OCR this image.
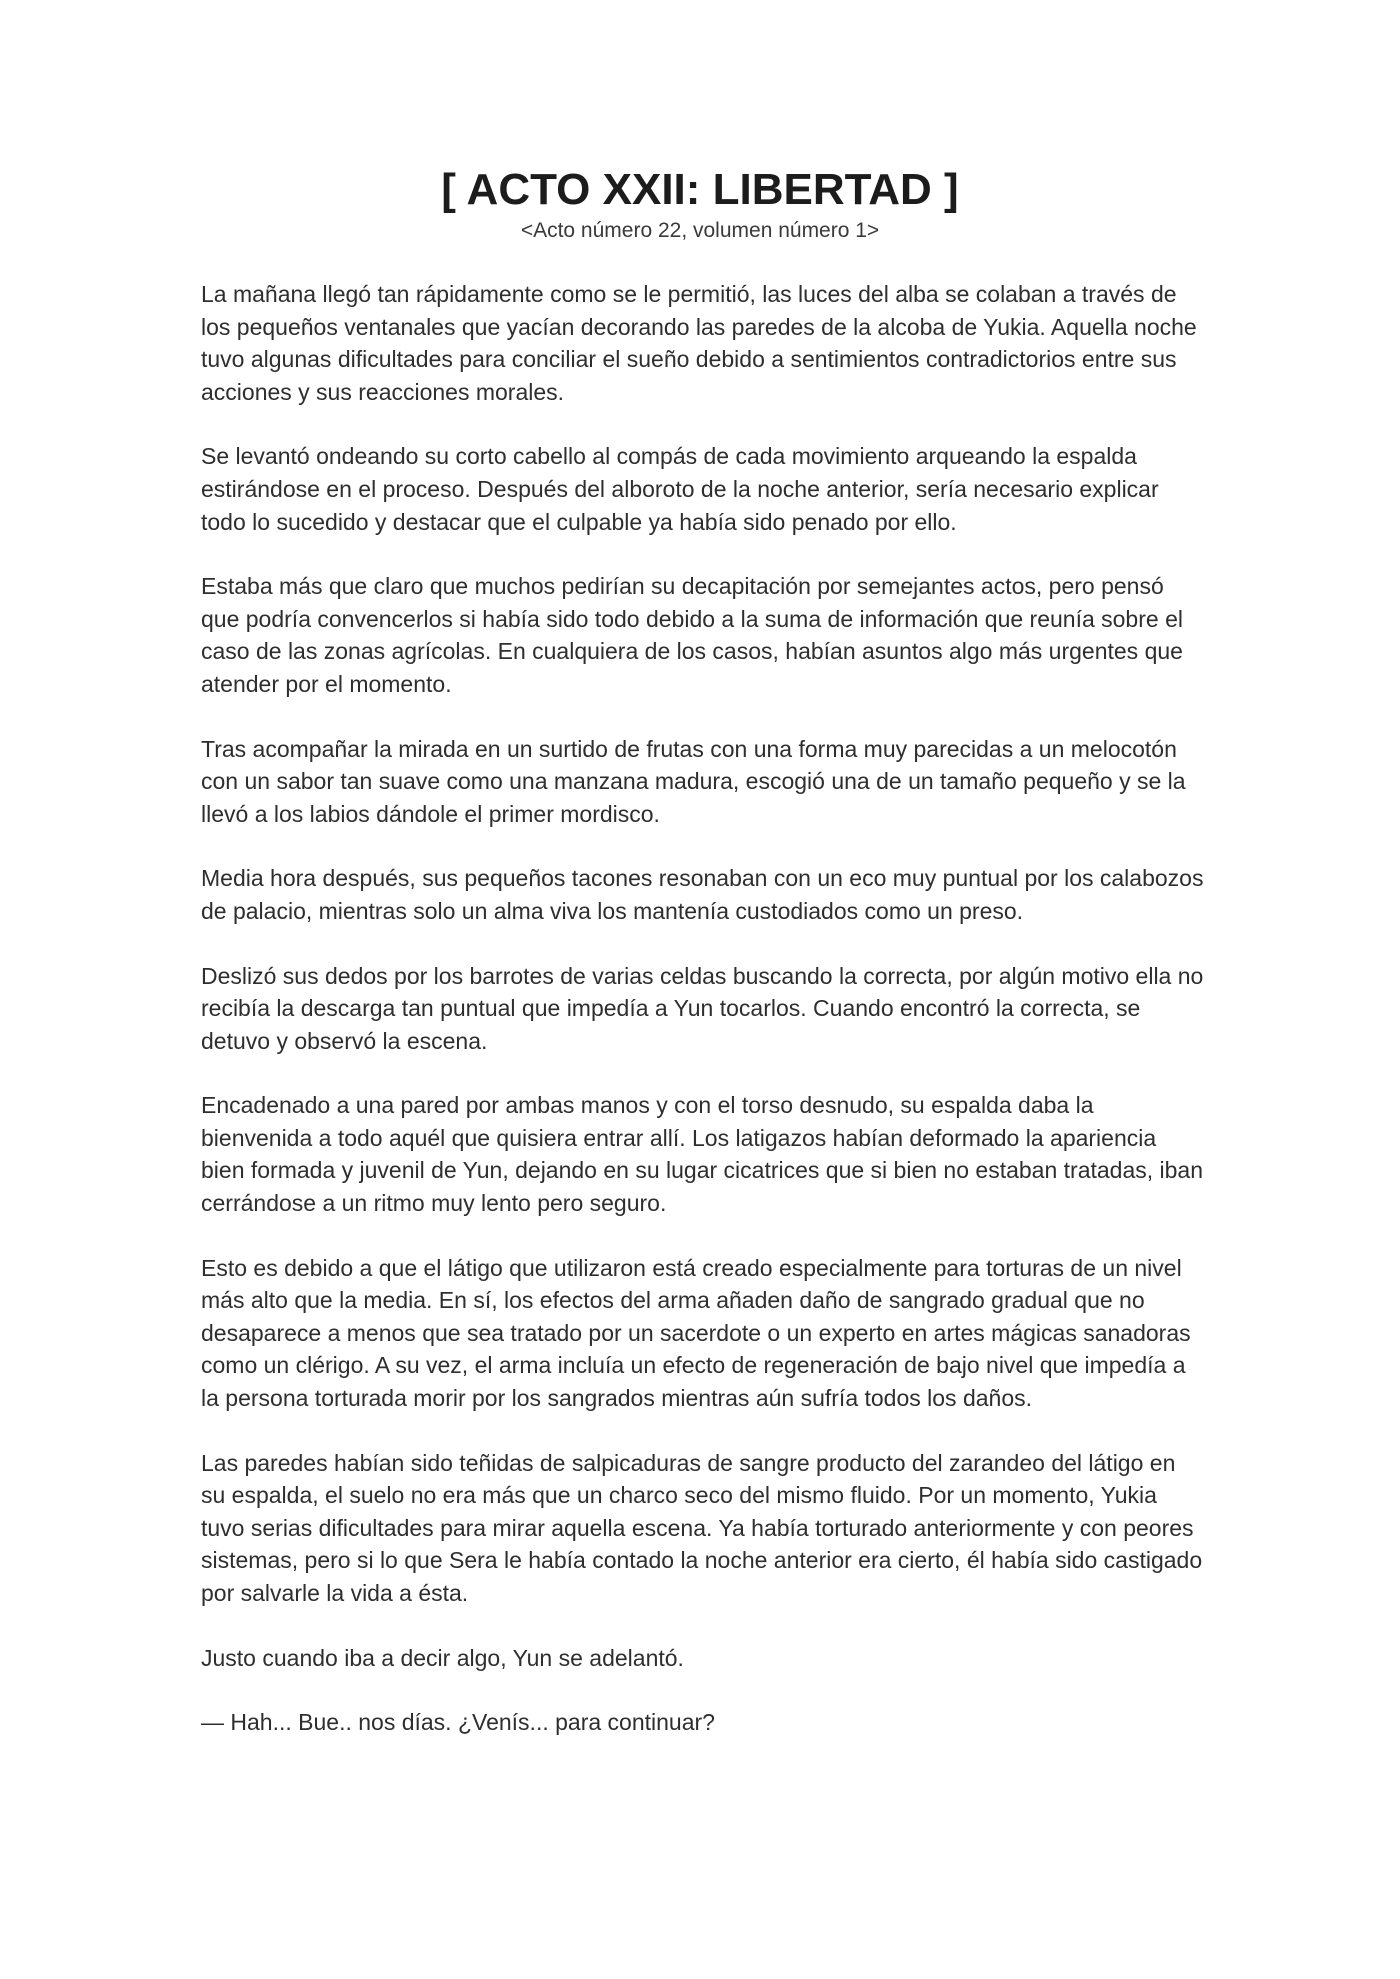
[ ACTO XXII: LIBERTAD ]

<Acto número 22, volumen número 1>

La mañana llegó tan rápidamente como se le permitió, las luces del alba se colaban a través de los pequeños ventanales que yacían decorando las paredes de la alcoba de Yukia. Aquella noche tuvo algunas dificultades para conciliar el sueño debido a sentimientos contradictorios entre sus acciones y sus reacciones morales.

Se levantó ondeando su corto cabello al compás de cada movimiento arqueando la espalda estirándose en el proceso. Después del alboroto de la noche anterior, sería necesario explicar todo lo sucedido y destacar que el culpable ya había sido penado por ello.

Estaba más que claro que muchos pedirían su decapitación por semejantes actos, pero pensó que podría convencerlos si había sido todo debido a la suma de información que reunía sobre el caso de las zonas agrícolas. En cualquiera de los casos, habían asuntos algo más urgentes que atender por el momento.

Tras acompañar la mirada en un surtido de frutas con una forma muy parecidas a un melocotón con un sabor tan suave como una manzana madura, escogió una de un tamaño pequeño y se la llevó a los labios dándole el primer mordisco.

Media hora después, sus pequeños tacones resonaban con un eco muy puntual por los calabozos de palacio, mientras solo un alma viva los mantenía custodiados como un preso.

Deslizó sus dedos por los barrotes de varias celdas buscando la correcta, por algún motivo ella no recibía la descarga tan puntual que impedía a Yun tocarlos. Cuando encontró la correcta, se detuvo y observó la escena.

Encadenado a una pared por ambas manos y con el torso desnudo, su espalda daba la bienvenida a todo aquél que quisiera entrar allí. Los latigazos habían deformado la apariencia bien formada y juvenil de Yun, dejando en su lugar cicatrices que si bien no estaban tratadas, iban cerrándose a un ritmo muy lento pero seguro.

Esto es debido a que el látigo que utilizaron está creado especialmente para torturas de un nivel más alto que la media. En sí, los efectos del arma añaden daño de sangrado gradual que no desaparece a menos que sea tratado por un sacerdote o un experto en artes mágicas sanadoras como un clérigo. A su vez, el arma incluía un efecto de regeneración de bajo nivel que impedía a la persona torturada morir por los sangrados mientras aún sufría todos los daños.

Las paredes habían sido teñidas de salpicaduras de sangre producto del zarandeo del látigo en su espalda, el suelo no era más que un charco seco del mismo fluido. Por un momento, Yukia tuvo serias dificultades para mirar aquella escena. Ya había torturado anteriormente y con peores sistemas, pero si lo que Sera le había contado la noche anterior era cierto, él había sido castigado por salvarle la vida a ésta.

Justo cuando iba a decir algo, Yun se adelantó.

— Hah... Bue.. nos días. ¿Venís... para continuar?
